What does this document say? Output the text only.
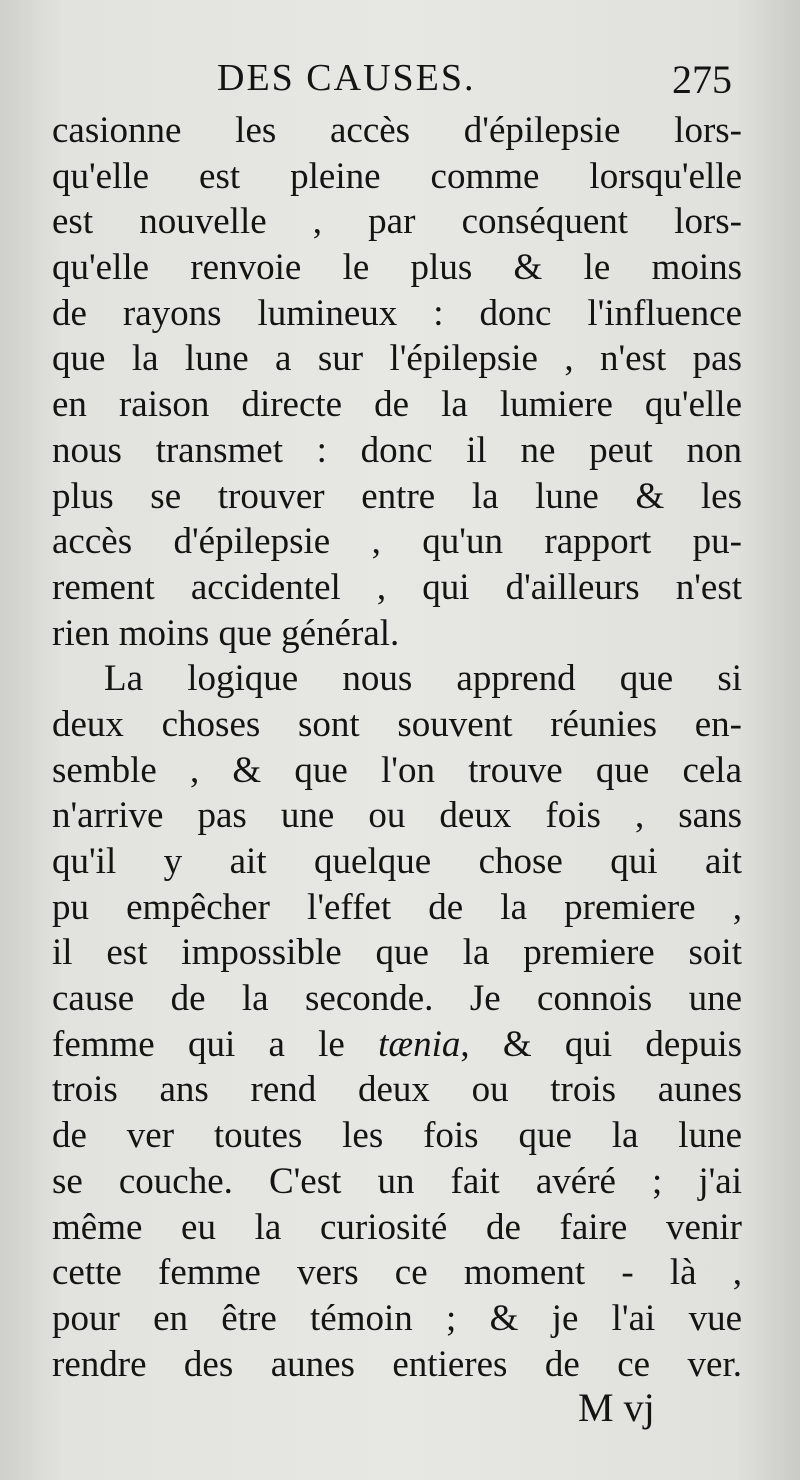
DES CAUSES.	275
casionne les accès d'épilepsie lors-
qu'elle est pleine comme lorsqu'elle
est nouvelle , par conséquent lors-
qu'elle renvoie le plus & le moins
de rayons lumineux : donc l'influence
que la lune a sur l'épilepsie , n'est pas
en raison directe de la lumiere qu'elle
nous transmet : donc il ne peut non
plus se trouver entre la lune & les
accès d'épilepsie , qu'un rapport pu-
rement accidentel , qui d'ailleurs n'est
rien moins que général.
La logique nous apprend que si
deux choses sont souvent réunies en-
semble , & que l'on trouve que cela
n'arrive pas une ou deux fois , sans
qu'il y ait quelque chose qui ait
pu empêcher l'effet de la premiere ,
il est impossible que la premiere soit
cause de la seconde. Je connois une
femme qui a le tænia, & qui depuis
trois ans rend deux ou trois aunes
de ver toutes les fois que la lune
se couche. C'est un fait avéré ; j'ai
même eu la curiosité de faire venir
cette femme vers ce moment - là ,
pour en être témoin ; & je l'ai vue
rendre des aunes entieres de ce ver.
M vj
